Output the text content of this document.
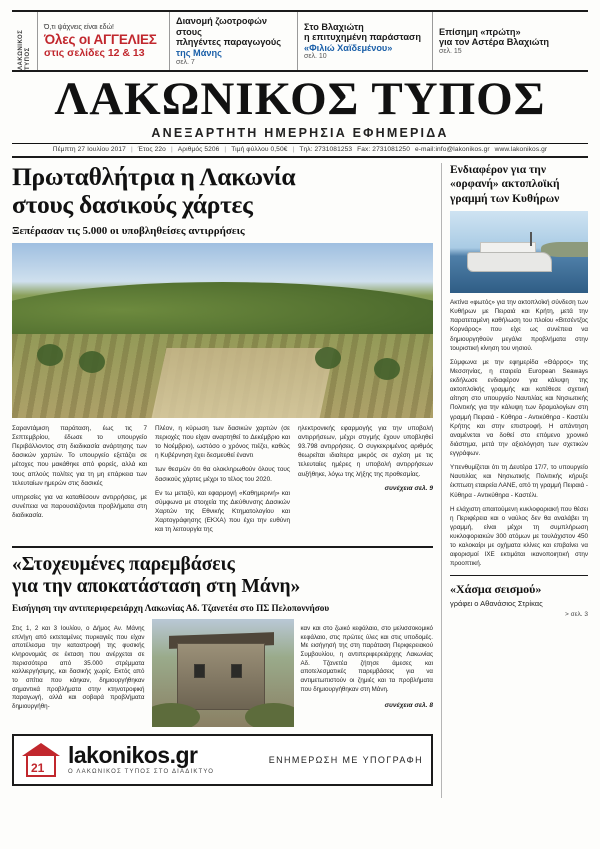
ΛΑΚΩΝΙΚΟΣ ΤΥΠΟΣ
Ό,τι ψάχνεις είναι εδώ!
Όλες οι ΑΓΓΕΛΙΕΣ
στις σελίδες 12 & 13
Διανομή ζωοτροφών στους
πληγέντες παραγωγούς
της Μάνης
σελ. 7
Στο Βλαχιώτη
η επιτυχημένη παράσταση
«Φιλιώ Χαϊδεμένου»
σελ. 10
Επίσημη «πρώτη»
για τον Αστέρα Βλαχιώτη
σελ. 15
ΛΑΚΩΝΙΚΟΣ ΤΥΠΟΣ
ΑΝΕΞΑΡΤΗΤΗ ΗΜΕΡΗΣΙΑ ΕΦΗΜΕΡΙΔΑ
Πέμπτη 27 Ιουλίου 2017 | Έτος 22ο | Αριθμός 5206 | Τιμή φύλλου 0,50€ | Tηλ: 2731081253 Fax: 2731081250 e-mail:info@lakonikos.gr www.lakonikos.gr
Πρωταθλήτρια η Λακωνία
στους δασικούς χάρτες
Ξεπέρασαν τις 5.000 οι υποβληθείσες αντιρρήσεις

Σαραντάμιση παράταση, έως τις 7 Σεπτεμβρίου, έδωσε το υπουργείο Περιβάλλοντος στη διαδικασία ανάρτησης των δασικών χαρτών. Το υπουργείο εξετάζει σε μέτοχες που μακάθηκε από φορείς, αλλά και τους απλούς πολίτες για τη μη επάρκεια των τελευταίων ημερών στις δασικές

υπηρεσίες για να καταθέσουν αντιρρήσεις, με συνέπεια να παρουσιάζονται προβλήματα στη διαδικασία.

Πλέον, η κύρωση των δασικών χαρτών (σε περιοχές που είχαν αναρτηθεί το Δεκέμβριο και το Νοέμβριο), ωστόσο ο χρόνος πιέζει, καθώς η Κυβέρνηση έχει δεσμευθεί έναντι

των θεσμών ότι θα ολοκληρωθούν όλους τους δασικούς χάρτες μέχρι το τέλος του 2020.

Εν τω μεταξύ, και εφαρμογή «Καθημερινή» και σύμφωνα με στοιχεία της Διεύθυνσης Δασικών Χαρτών της Εθνικής Κτηματολογίου και Χαρτογράφησης (ΕΚΧΑ) που έχει την ευθύνη και τη λειτουργία της

ηλεκτρονικής εφαρμογής για την υποβολή αντιρρήσεων, μέχρι στιγμής έχουν υποβληθεί 93.798 αντιρρήσεις. Ο συγκεκριμένος αριθμός θεωρείται ιδιαίτερα μικρός σε σχέση με τις τελευταίες ημέρες η υποβολή αντιρρήσεων αυξήθηκε, λόγω της λήξης της προθεσμίας.

συνέχεια σελ. 9

«Στοχευμένες παρεμβάσεις
για την αποκατάσταση στη Μάνη»
Εισήγηση την αντιπεριφερειάρχη Λακωνίας Αδ. Τζανετέα στο ΠΣ Πελοποννήσου

Στις 1, 2 και 3 Ιουλίου, ο Δήμος Αν. Μάνης επλήγη από εκτεταμένες πυρκαγιές που είχαν αποτέλεσμα την καταστροφή της φυσικής κληρονομιάς σε έκταση που ανέρχεται σε περισσότερα από 35.000 στρέμματα καλλιεργήσιμης, και δασικής χωρίς. Εκτός από το σπίτια που κάηκαν, δημιουργήθηκαν σημαντικά προβλήματα στην κτηνοτροφική παραγωγή, αλλά και σοβαρά προβλήματα δημιουργήθη-

καν και στο ζωικό κεφάλαιο, στο μελισσοκομικό κεφάλαιο, στις πρώτες ύλες και στις υποδομές. Με εισήγησή της στη παράταση Περιφερειακού Συμβουλίου, η αντιπεριφερειάρχης Λακωνίας Αδ. Τζανετέα ζήτησε άμεσες και αποτελεσματικές παρεμβάσεις για να αντιμετωπιστούν οι ζημιές και τα προβλήματα που δημιουργήθηκαν στη Μάνη.

συνέχεια σελ. 8

21 lakonikos.gr
Ο ΛΑΚΩΝΙΚΟΣ ΤΥΠΟΣ ΣΤΟ ΔΙΑΔΙΚΤΥΟ
ΕΝΗΜΕΡΩΣΗ ΜΕ ΥΠΟΓΡΑΦΗ
Ενδιαφέρον για την «ορφανή» ακτοπλοϊκή γραμμή των Κυθήρων

Ακτίνα «φωτός» για την ακτοπλοϊκή σύνδεση των Κυθήρων με Πειραιά και Κρήτη, μετά την παρατεταμένη καθήλωση του πλοίου «Βιτσέντζος Κορνάρος» που είχε ως συνέπεια να δημιουργηθούν μεγάλα προβλήματα στην τουριστική κίνηση του νησιού.

Σύμφωνα με την εφημερίδα «Θάρρος» της Μεσσηνίας, η εταιρεία European Seaways εκδήλωσε ενδιαφέρον για κάλυψη της ακτοπλοϊκής γραμμής και κατέθεσε σχετική αίτηση στο υπουργείο Ναυτιλίας και Νησιωτικής Πολιτικής για την κάλυψη των δρομολογίων στη γραμμή Πειραιά - Κύθηρα - Αντικύθηρα - Καστέλι Κρήτης και στην επιστροφή. Η απάντηση αναμένεται να δοθεί στο επόμενο χρονικό διάστημα, μετά την αξιολόγηση των σχετικών εγγράφων.

Υπενθυμίζεται ότι τη Δευτέρα 17/7, το υπουργείο Ναυτιλίας και Νησιωτικής Πολιτικής κήρυξε έκπτωτη εταιρεία ΛΑΝΕ, από τη γραμμή Πειραιά - Κύθηρα - Αντικύθηρα - Καστέλι.

Η ελάχιστη απαιτούμενη κυκλοφοριακή που θέσει η Περιφέρεια και ο ναύλος δεν θα αναλάβει τη γραμμή, είναι μέχρι τη συμπλήρωση κυκλοφοριακών 300 ατόμων με τουλάχιστον 450 το καλοκαίρι με οχήματα κλίνες και επιβαίνει να αφορισμοί ΙΧΕ εκτιμάται ικανοποιητική στην προοπτική.

«Χάσμα σεισμού»
γράφει ο Αθανάσιος Στρίκας
> σελ. 3
